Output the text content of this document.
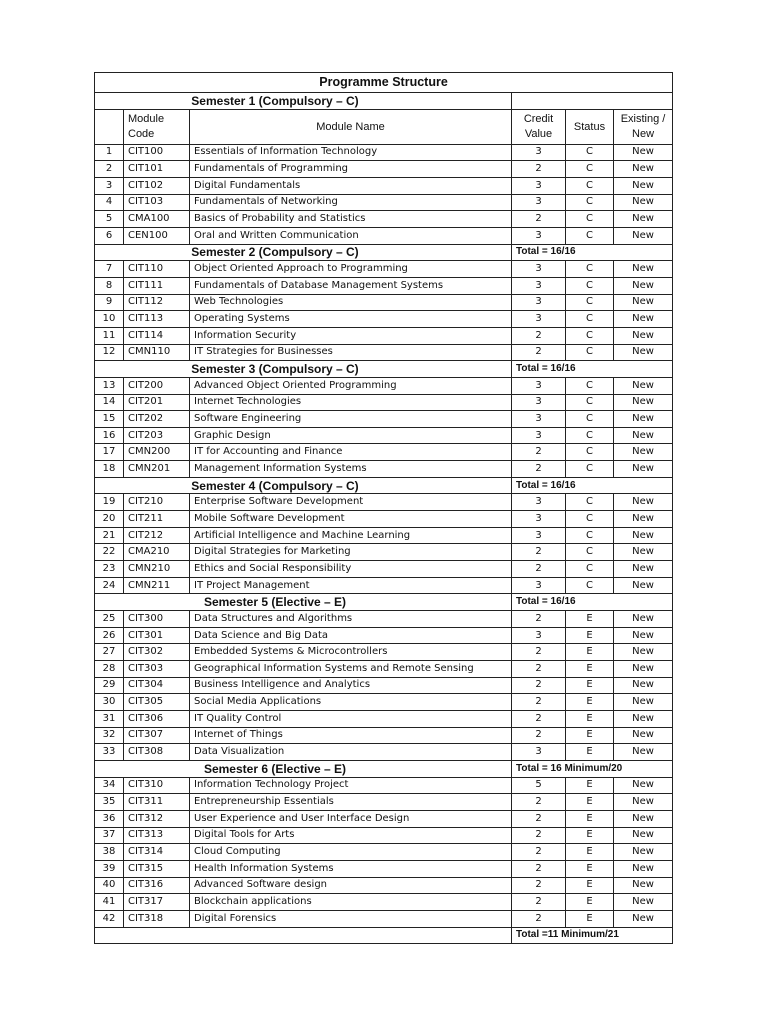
Programme Structure					
Semester 1 (Compulsory – C)					
	Module Code	Module Name	Credit Value	Status	Existing / New
1	CIT100	Essentials of Information Technology	3	C	New
2	CIT101	Fundamentals of Programming	2	C	New
3	CIT102	Digital Fundamentals	3	C	New
4	CIT103	Fundamentals of Networking	3	C	New
5	CMA100	Basics of Probability and Statistics	2	C	New
6	CEN100	Oral and Written Communication	3	C	New
Semester 2 (Compulsory – C)			Total = 16/16		
7	CIT110	Object Oriented Approach to Programming	3	C	New
8	CIT111	Fundamentals of Database Management Systems	3	C	New
9	CIT112	Web Technologies	3	C	New
10	CIT113	Operating Systems	3	C	New
11	CIT114	Information Security	2	C	New
12	CMN110	IT Strategies for Businesses	2	C	New
Semester 3 (Compulsory – C)			Total = 16/16		
13	CIT200	Advanced Object Oriented Programming	3	C	New
14	CIT201	Internet Technologies	3	C	New
15	CIT202	Software Engineering	3	C	New
16	CIT203	Graphic Design	3	C	New
17	CMN200	IT for Accounting and Finance	2	C	New
18	CMN201	Management Information Systems	2	C	New
Semester 4 (Compulsory – C)			Total = 16/16		
19	CIT210	Enterprise Software Development	3	C	New
20	CIT211	Mobile Software Development	3	C	New
21	CIT212	Artificial Intelligence and Machine Learning	3	C	New
22	CMA210	Digital Strategies for Marketing	2	C	New
23	CMN210	Ethics and Social Responsibility	2	C	New
24	CMN211	IT Project Management	3	C	New
Semester 5 (Elective – E)			Total = 16/16		
25	CIT300	Data Structures and Algorithms	2	E	New
26	CIT301	Data Science and Big Data	3	E	New
27	CIT302	Embedded Systems & Microcontrollers	2	E	New
28	CIT303	Geographical Information Systems and Remote Sensing	2	E	New
29	CIT304	Business Intelligence and Analytics	2	E	New
30	CIT305	Social Media Applications	2	E	New
31	CIT306	IT Quality Control	2	E	New
32	CIT307	Internet of Things	2	E	New
33	CIT308	Data Visualization	3	E	New
Semester 6 (Elective – E)			Total = 16 Minimum/20		
34	CIT310	Information Technology Project	5	E	New
35	CIT311	Entrepreneurship Essentials	2	E	New
36	CIT312	User Experience and User Interface Design	2	E	New
37	CIT313	Digital Tools for Arts	2	E	New
38	CIT314	Cloud Computing	2	E	New
39	CIT315	Health Information Systems	2	E	New
40	CIT316	Advanced Software design	2	E	New
41	CIT317	Blockchain applications	2	E	New
42	CIT318	Digital Forensics	2	E	New
			Total =11 Minimum/21		
